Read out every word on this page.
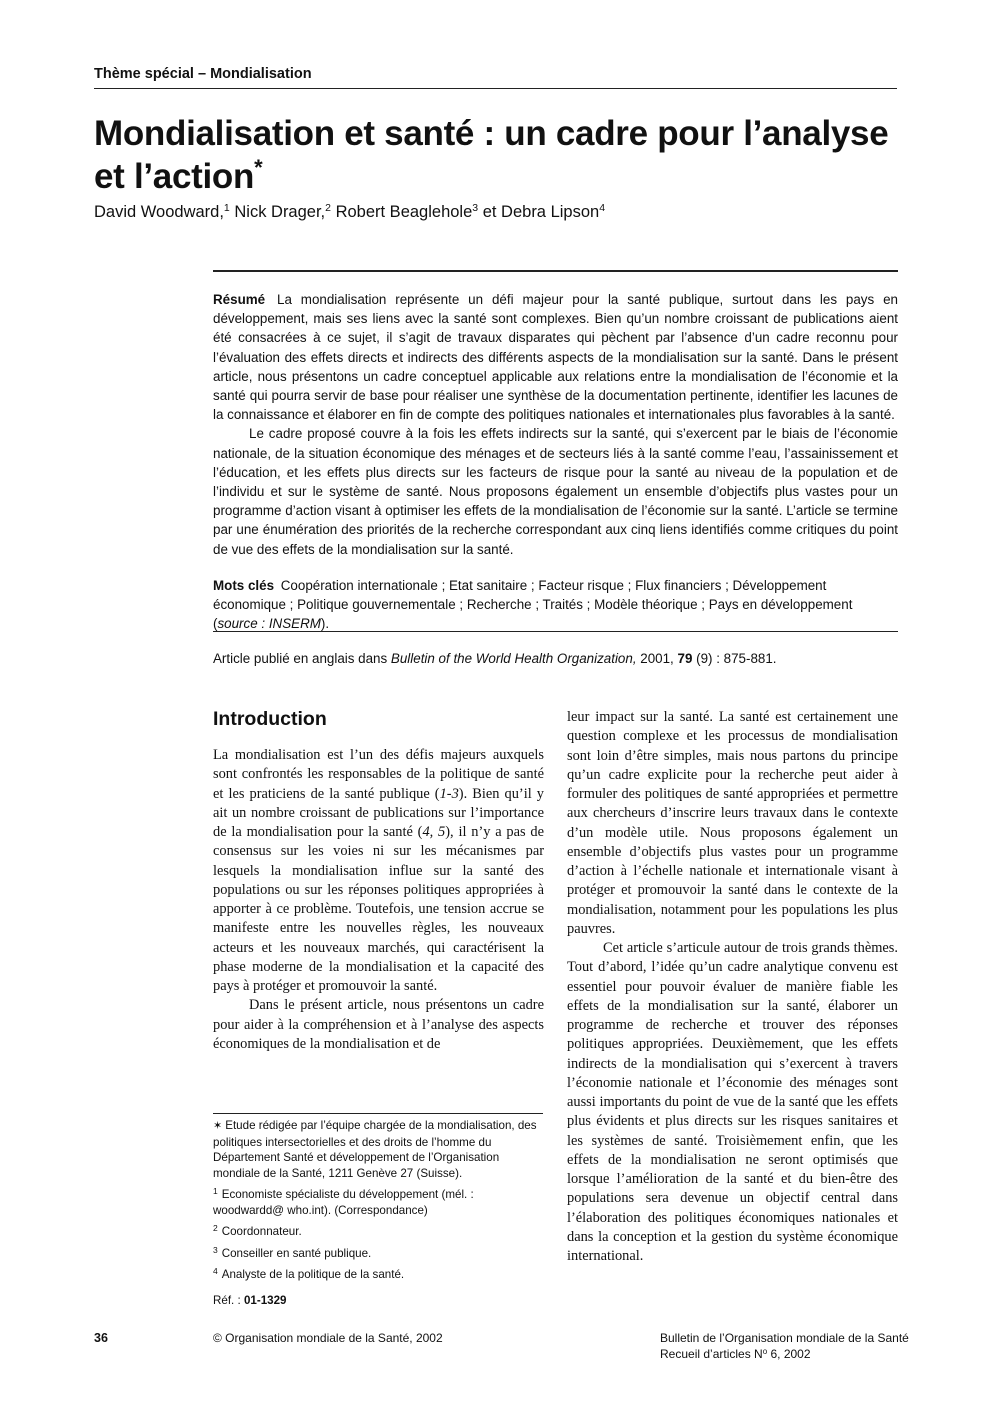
Thème spécial – Mondialisation
Mondialisation et santé : un cadre pour l’analyse et l’action*
David Woodward,$^1$ Nick Drager,$^2$ Robert Beaglehole$^3$ et Debra Lipson$^4$

Résumé La mondialisation représente un défi majeur pour la santé publique, surtout dans les pays en développement, mais ses liens avec la santé sont complexes. Bien qu’un nombre croissant de publications aient été consacrées à ce sujet, il s’agit de travaux disparates qui pèchent par l’absence d’un cadre reconnu pour l’évaluation des effets directs et indirects des différents aspects de la mondialisation sur la santé. Dans le présent article, nous présentons un cadre conceptuel applicable aux relations entre la mondialisation de l’économie et la santé qui pourra servir de base pour réaliser une synthèse de la documentation pertinente, identifier les lacunes de la connaissance et élaborer en fin de compte des politiques nationales et internationales plus favorables à la santé.

Le cadre proposé couvre à la fois les effets indirects sur la santé, qui s’exercent par le biais de l’économie nationale, de la situation économique des ménages et de secteurs liés à la santé comme l’eau, l’assainissement et l’éducation, et les effets plus directs sur les facteurs de risque pour la santé au niveau de la population et de l’individu et sur le système de santé. Nous proposons également un ensemble d’objectifs plus vastes pour un programme d’action visant à optimiser les effets de la mondialisation de l’économie sur la santé. L’article se termine par une énumération des priorités de la recherche correspondant aux cinq liens identifiés comme critiques du point de vue des effets de la mondialisation sur la santé.

Mots clés Coopération internationale ; Etat sanitaire ; Facteur risque ; Flux financiers ; Développement économique ; Politique gouvernementale ; Recherche ; Traités ; Modèle théorique ; Pays en développement (source : INSERM).
Article publié en anglais dans Bulletin of the World Health Organization, 2001, 79 (9) : 875-881.
Introduction

La mondialisation est l’un des défis majeurs auxquels sont confrontés les responsables de la politique de santé et les praticiens de la santé publique (1-3). Bien qu’il y ait un nombre croissant de publications sur l’importance de la mondialisation pour la santé (4, 5), il n’y a pas de consensus sur les voies ni sur les mécanismes par lesquels la mondialisation influe sur la santé des populations ou sur les réponses politiques appropriées à apporter à ce problème. Toutefois, une tension accrue se manifeste entre les nouvelles règles, les nouveaux acteurs et les nouveaux marchés, qui caractérisent la phase moderne de la mondialisation et la capacité des pays à protéger et promouvoir la santé.

Dans le présent article, nous présentons un cadre pour aider à la compréhension et à l’analyse des aspects économiques de la mondialisation et de

leur impact sur la santé. La santé est certainement une question complexe et les processus de mondialisation sont loin d’être simples, mais nous partons du principe qu’un cadre explicite pour la recherche peut aider à formuler des politiques de santé appropriées et permettre aux chercheurs d’inscrire leurs travaux dans le contexte d’un modèle utile. Nous proposons également un ensemble d’objectifs plus vastes pour un programme d’action à l’échelle nationale et internationale visant à protéger et promouvoir la santé dans le contexte de la mondialisation, notamment pour les populations les plus pauvres.

Cet article s’articule autour de trois grands thèmes. Tout d’abord, l’idée qu’un cadre analytique convenu est essentiel pour pouvoir évaluer de manière fiable les effets de la mondialisation sur la santé, élaborer un programme de recherche et trouver des réponses politiques appropriées. Deuxièmement, que les effets indirects de la mondialisation qui s’exercent à travers l’économie nationale et l’économie des ménages sont aussi importants du point de vue de la santé que les effets plus évidents et plus directs sur les risques sanitaires et les systèmes de santé. Troisièmement enfin, que les effets de la mondialisation ne seront optimisés que lorsque l’amélioration de la santé et du bien-être des populations sera devenue un objectif central dans l’élaboration des politiques économiques nationales et dans la conception et la gestion du système économique international.

✶ Etude rédigée par l’équipe chargée de la mondialisation, des politiques intersectorielles et des droits de l’homme du Département Santé et développement de l’Organisation mondiale de la Santé, 1211 Genève 27 (Suisse).
$^1$ Economiste spécialiste du développement (mél. : woodwardd@ who.int). (Correspondance)
$^2$ Coordonnateur.
$^3$ Conseiller en santé publique.
$^4$ Analyste de la politique de la santé.
Réf. : 01-1329
36	© Organisation mondiale de la Santé, 2002	Bulletin de l’Organisation mondiale de la Santé
Recueil d’articles $N^o$ 6, 2002
